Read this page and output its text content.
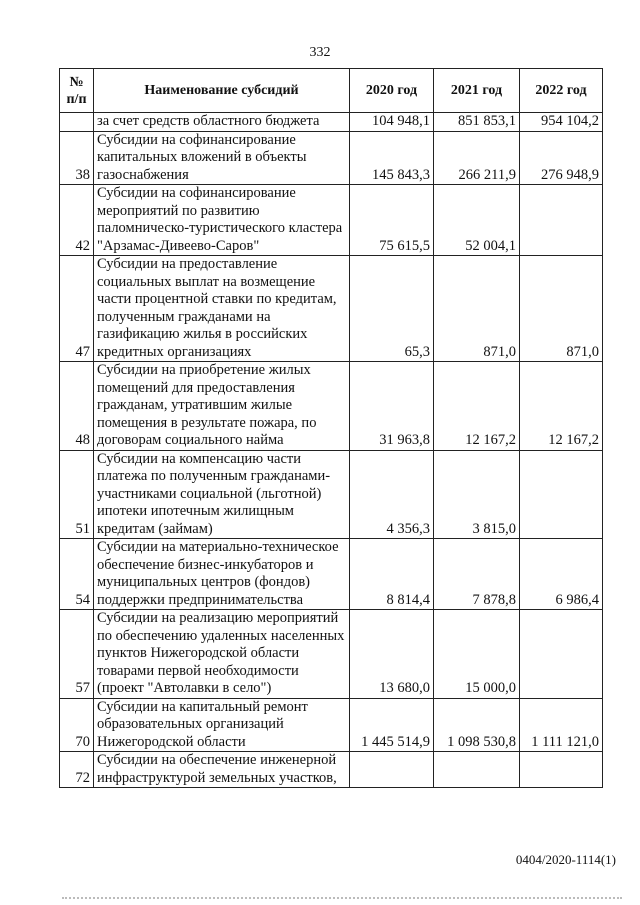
332
№ п/п	Наименование субсидий	2020 год	2021 год	2022 год
	за счет средств областного бюджета	104 948,1	851 853,1	954 104,2
38	Субсидии на софинансирование капитальных вложений в объекты газоснабжения	145 843,3	266 211,9	276 948,9
42	Субсидии на софинансирование мероприятий по развитию паломническо-туристического кластера "Арзамас-Дивеево-Саров"	75 615,5	52 004,1	
47	Субсидии на предоставление социальных выплат на возмещение части процентной ставки по кредитам, полученным гражданами на газификацию жилья в российских кредитных организациях	65,3	871,0	871,0
48	Субсидии на приобретение жилых помещений для предоставления гражданам, утратившим жилые помещения в результате пожара, по договорам социального найма	31 963,8	12 167,2	12 167,2
51	Субсидии на компенсацию части платежа по полученным гражданами-участниками социальной (льготной) ипотеки ипотечным жилищным кредитам (займам)	4 356,3	3 815,0	
54	Субсидии на материально-техническое обеспечение бизнес-инкубаторов и муниципальных центров (фондов) поддержки предпринимательства	8 814,4	7 878,8	6 986,4
57	Субсидии на реализацию мероприятий по обеспечению удаленных населенных пунктов Нижегородской области товарами первой необходимости (проект "Автолавки в село")	13 680,0	15 000,0	
70	Субсидии на капитальный ремонт образовательных организаций Нижегородской области	1 445 514,9	1 098 530,8	1 111 121,0
72	Субсидии на обеспечение инженерной инфраструктурой земельных участков,			
0404/2020-1114(1)
